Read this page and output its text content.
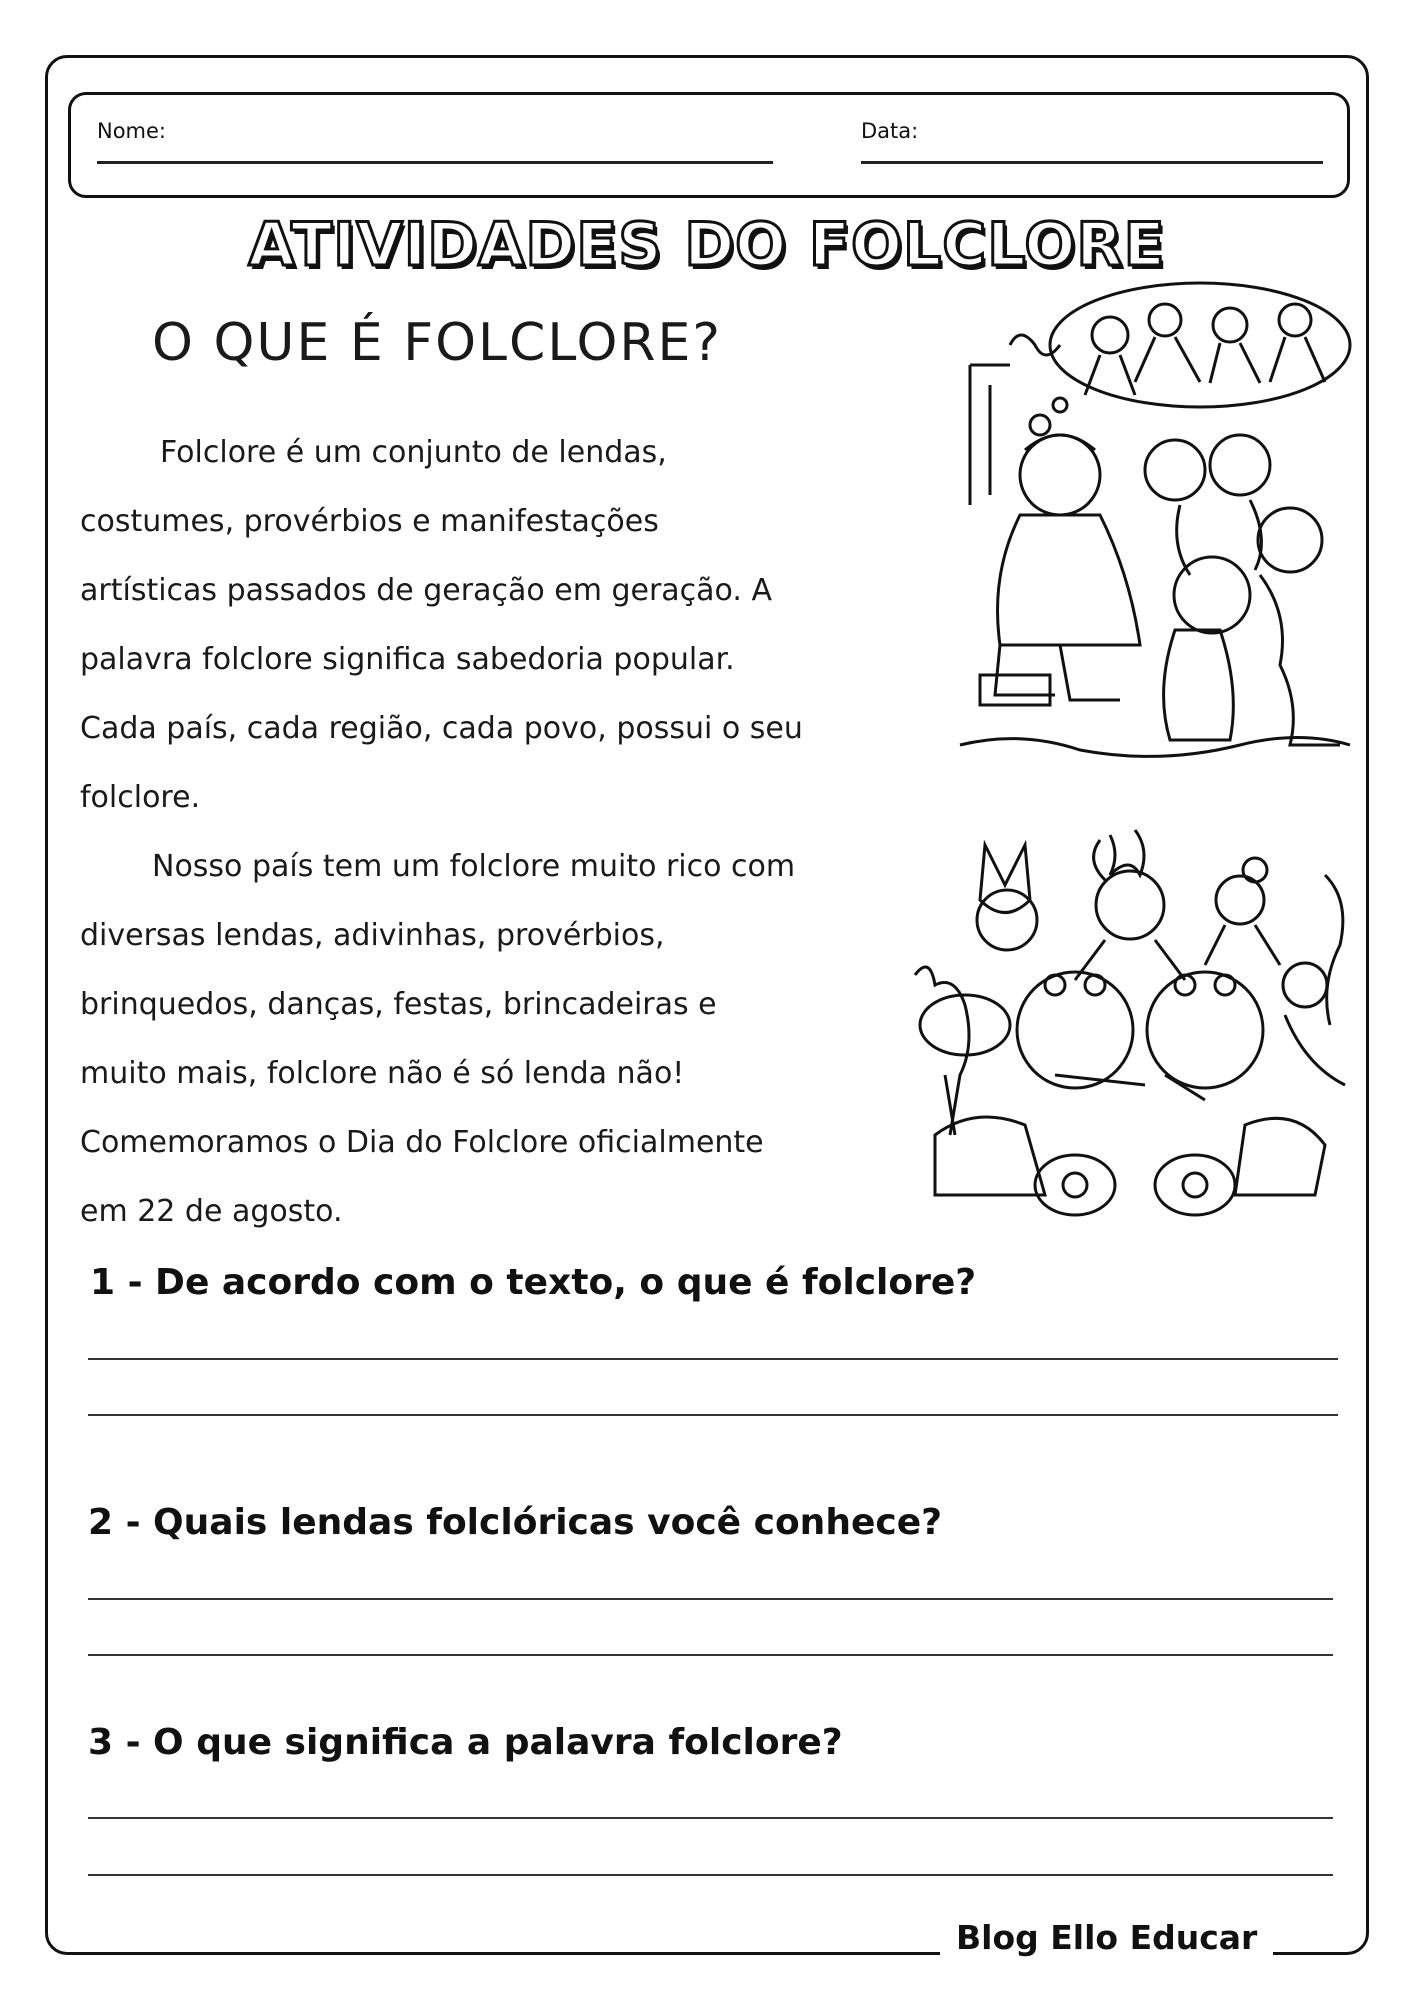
Nome:	Data:
ATIVIDADES DO FOLCLORE
O QUE É FOLCLORE?

Folclore é um conjunto de lendas,
costumes, provérbios e manifestações
artísticas passados de geração em geração. A
palavra folclore significa sabedoria popular.
Cada país, cada região, cada povo, possui o seu
folclore.

Nosso país tem um folclore muito rico com
diversas lendas, adivinhas, provérbios,
brinquedos, danças, festas, brincadeiras e
muito mais, folclore não é só lenda não!
Comemoramos o Dia do Folclore oficialmente
em 22 de agosto.

1 - De acordo com o texto, o que é folclore?
2 - Quais lendas folclóricas você conhece?
3 - O que significa a palavra folclore?
Blog Ello Educar
